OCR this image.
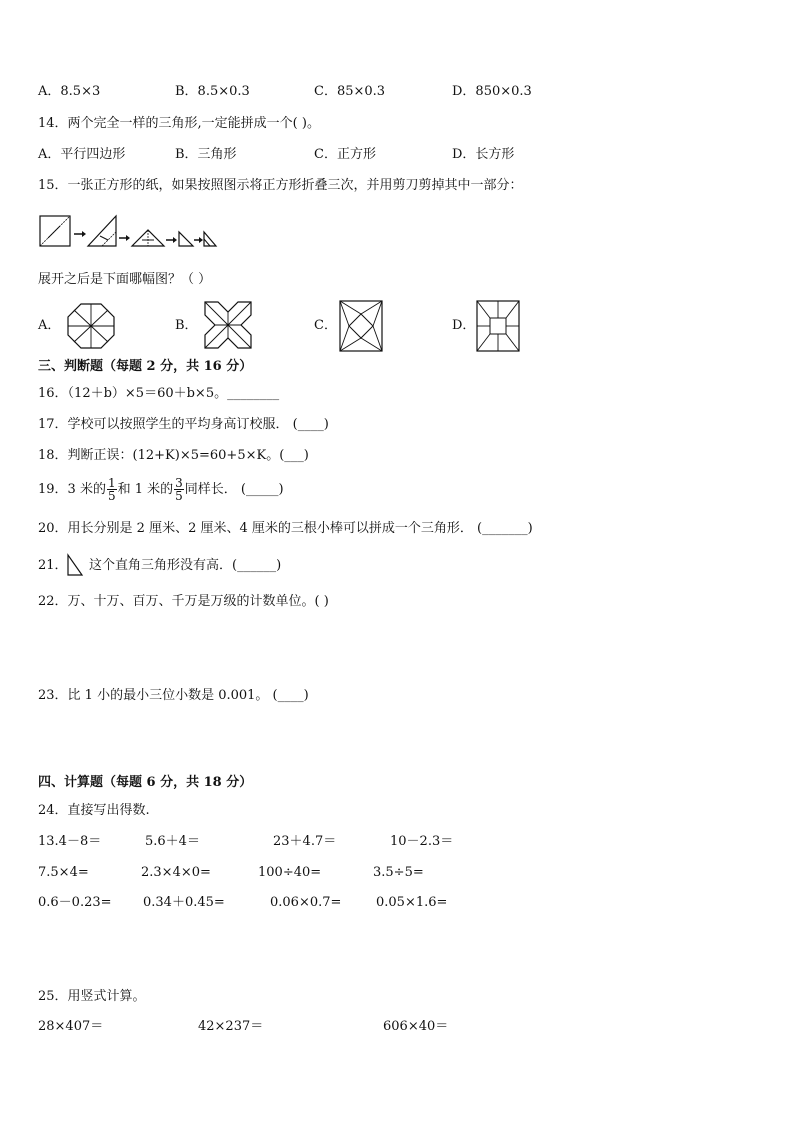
A．8.5×3	B．8.5×0.3	C．85×0.3	D．850×0.3
14．两个完全一样的三角形,一定能拼成一个( )。
A．平行四边形	B．三角形	C．正方形	D．长方形
15．一张正方形的纸，如果按照图示将正方形折叠三次，并用剪刀剪掉其中一部分：
展开之后是下面哪幅图？（ ）
A．	B．	C．	D．
三、判断题（每题 2 分，共 16 分）
16．（12＋b）×5＝60＋b×5。________
17．学校可以按照学生的平均身高订校服． (____)
18．判断正误：(12+K)×5=60+5×K。(___)
19．3 米的 $\frac{1}{5}$ 和 1 米的 $\frac{3}{5}$ 同样长． (_____)
20．用长分别是 2 厘米、2 厘米、4 厘米的三根小棒可以拼成一个三角形． (_______)
21． 这个直角三角形没有高．(______)
22．万、十万、百万、千万是万级的计数单位。( )
23．比 1 小的最小三位小数是 0.001。 (____)
四、计算题（每题 6 分，共 18 分）
24．直接写出得数.
13.4－8＝	5.6＋4＝	23＋4.7＝	10－2.3＝
7.5×4=	2.3×4×0=	100÷40=	3.5÷5=
0.6－0.23= 0.34＋0.45=	0.06×0.7=	0.05×1.6=
25．用竖式计算。
28×407＝	42×237＝	606×40＝
